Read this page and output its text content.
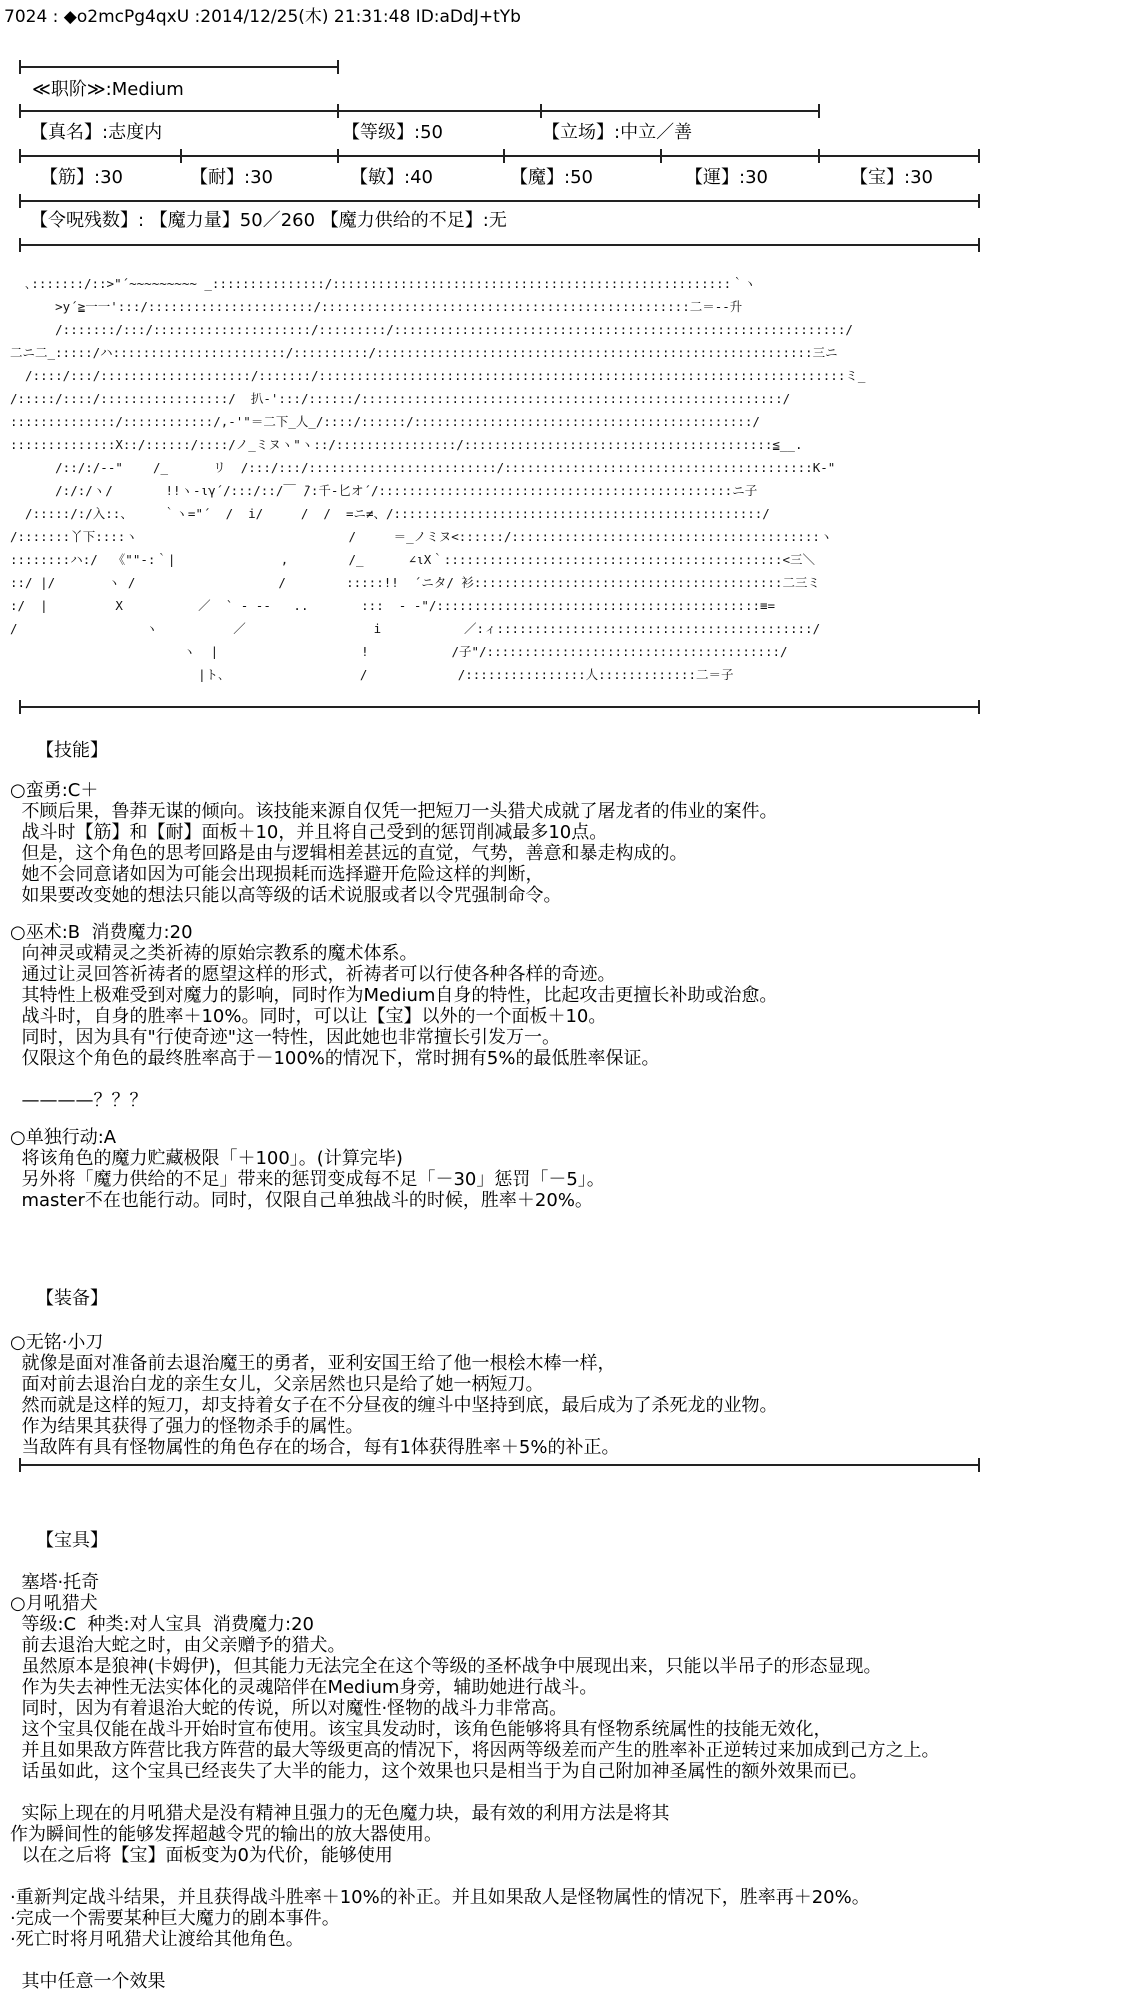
7024 : ◆o2mcPg4qxU :2014/12/25(木) 21:31:48 ID:aDdJ+tYb
≪职阶≫:Medium
【真名】:志度内	【等级】:50	【立场】:中立／善
【筋】:30	【耐】:30	【敏】:40	【魔】:50	【運】:30	【宝】:30
【令呪残数】: 【魔力量】50／260 【魔力供给的不足】:无
､:::::::/::>"´~~~~~~~~~ _:::::::::::::::/:::::::::::::::::::::::::::::::::::::::::::::::::::::｀ヽ
>y´≧一一':::/::::::::::::::::::::::/:::::::::::::::::::::::::::::::::::::::::::::::::二＝--升
/:::::::/:::/:::::::::::::::::::::/:::::::::/::::::::::::::::::::::::::::::::::::::::::::::::::::::::::::/
二ニ二_:::::/ハ:::::::::::::::::::::::/::::::::::/::::::::::::::::::::::::::::::::::::::::::::::::::::::::::三ニ
/::::/:::/::::::::::::::::::::/:::::::/::::::::::::::::::::::::::::::::::::::::::::::::::::::::::::::::::::::ミ_
/:::::/::::/:::::::::::::::::/  扒-':::/::::::/::::::::::::::::::::::::::::::::::::::::::::::::::::::::/
::::::::::::::/::::::::::::/,-'"＝二下_人_/::::/::::::/:::::::::::::::::::::::::::::::::::::::::::::/
::::::::::::::X::/::::::/::::/ノ_ミヌヽ"ヽ::/::::::::::::::::/:::::::::::::::::::::::::::::::::::::::::≦__.
/::/:/-‐"    /_      リ  /:::/:::/:::::::::::::::::::::::::/:::::::::::::::::::::::::::::::::::::::::K-"
/:/:/ヽ/       !!ヽ-ιγ´/:::/::/￣ ̄/:千-匕オ´/:::::::::::::::::::::::::::::::::::::::::::::::ニ子
/:::::/:/入::、    ｀ヽ="´  /  i/     /  /  =ニ≠、/:::::::::::::::::::::::::::::::::::::::::::::::::/
/:::::::丫下::::ヽ                            /     ＝_ノミヌ<::::::/:::::::::::::::::::::::::::::::::::::::::ヽ
::::::::ハ:/  《""-:｀|              ,        /_      ∠ιX｀:::::::::::::::::::::::::::::::::::::::::::::<三＼
::/ |/       ヽ /                   /        :::::!!  ´ニタ/ 衫:::::::::::::::::::::::::::::::::::::::::二三ミ
:/  |         X          ／  ` - --   ..       :::  ‐ ‐"/:::::::::::::::::::::::::::::::::::::::::::≡=
/                 ヽ          ／                 i           ／:ィ::::::::::::::::::::::::::::::::::::::::::/
ヽ  |                   !           /子"/:::::::::::::::::::::::::::::::::::::::/
|ト､                  /            /::::::::::::::::人:::::::::::::二＝子
【技能】
○蛮勇:C＋
不顾后果，鲁莽无谋的倾向。该技能来源自仅凭一把短刀一头猎犬成就了屠龙者的伟业的案件。
战斗时【筋】和【耐】面板＋10，并且将自己受到的惩罚削减最多10点。
但是，这个角色的思考回路是由与逻辑相差甚远的直觉，气势，善意和暴走构成的。
她不会同意诸如因为可能会出现损耗而选择避开危险这样的判断，
如果要改变她的想法只能以高等级的话术说服或者以令咒强制命令。
○巫术:B  消费魔力:20
向神灵或精灵之类祈祷的原始宗教系的魔术体系。
通过让灵回答祈祷者的愿望这样的形式，祈祷者可以行使各种各样的奇迹。
其特性上极难受到对魔力的影响，同时作为Medium自身的特性，比起攻击更擅长补助或治愈。
战斗时，自身的胜率＋10%。同时，可以让【宝】以外的一个面板＋10。
同时，因为具有"行使奇迹"这一特性，因此她也非常擅长引发万一。
仅限这个角色的最终胜率高于－100%的情况下，常时拥有5%的最低胜率保证。

————？？？
○单独行动:A
将该角色的魔力贮藏极限「＋100」。(计算完毕)
另外将「魔力供给的不足」带来的惩罚变成每不足「－30」惩罚「－5」。
master不在也能行动。同时，仅限自己单独战斗的时候，胜率＋20%。
【装备】
○无铭·小刀
就像是面对准备前去退治魔王的勇者，亚利安国王给了他一根桧木棒一样，
面对前去退治白龙的亲生女儿，父亲居然也只是给了她一柄短刀。
然而就是这样的短刀，却支持着女子在不分昼夜的缠斗中坚持到底，最后成为了杀死龙的业物。
作为结果其获得了强力的怪物杀手的属性。
当敌阵有具有怪物属性的角色存在的场合，每有1体获得胜率＋5%的补正。
【宝具】
塞塔·托奇
○月吼猎犬
等级:C  种类:对人宝具  消费魔力:20
前去退治大蛇之时，由父亲赠予的猎犬。
虽然原本是狼神(卡姆伊)，但其能力无法完全在这个等级的圣杯战争中展现出来，只能以半吊子的形态显现。
作为失去神性无法实体化的灵魂陪伴在Medium身旁，辅助她进行战斗。
同时，因为有着退治大蛇的传说，所以对魔性·怪物的战斗力非常高。
这个宝具仅能在战斗开始时宣布使用。该宝具发动时，该角色能够将具有怪物系统属性的技能无效化，
并且如果敌方阵营比我方阵营的最大等级更高的情况下，将因两等级差而产生的胜率补正逆转过来加成到己方之上。
话虽如此，这个宝具已经丧失了大半的能力，这个效果也只是相当于为自己附加神圣属性的额外效果而已。

实际上现在的月吼猎犬是没有精神且强力的无色魔力块，最有效的利用方法是将其
作为瞬间性的能够发挥超越令咒的输出的放大器使用。
以在之后将【宝】面板变为0为代价，能够使用

·重新判定战斗结果，并且获得战斗胜率＋10%的补正。并且如果敌人是怪物属性的情况下，胜率再＋20%。
·完成一个需要某种巨大魔力的剧本事件。
·死亡时将月吼猎犬让渡给其他角色。

其中任意一个效果
